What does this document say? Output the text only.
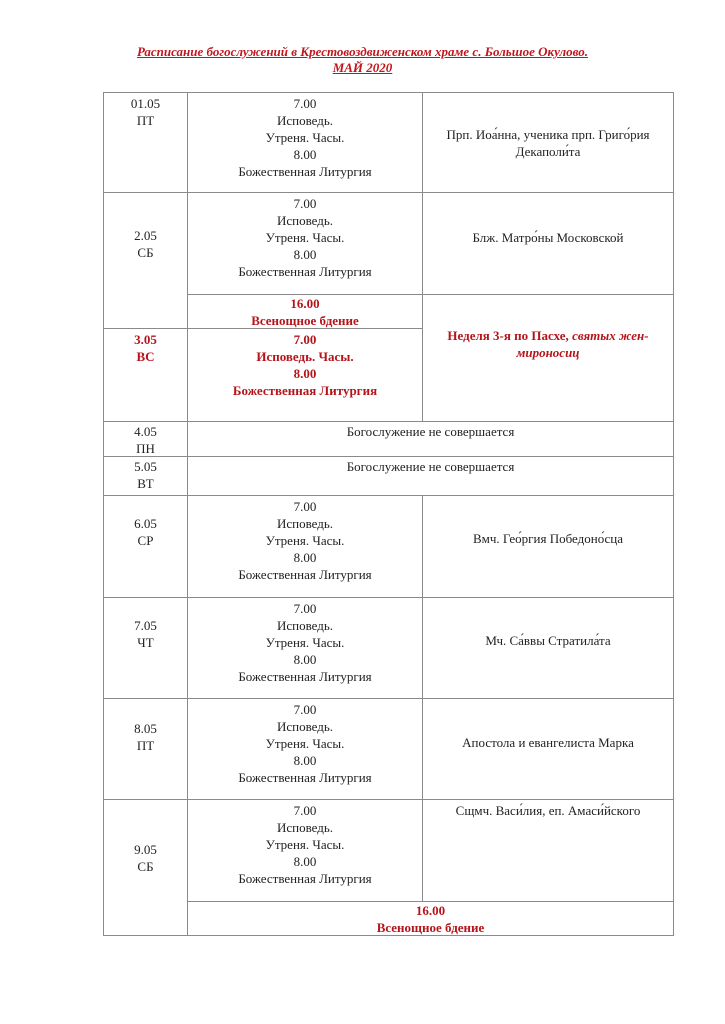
Расписание богослужений в Крестовоздвиженском храме с. Большое Окулово.
МАЙ 2020
01.05
ПТ
7.00
Исповедь.
Утреня. Часы.
8.00
Божественная Литургия
Прп. Иоа́нна, ученика прп. Григо́рия Декаполи́та
2.05
СБ
7.00
Исповедь.
Утреня. Часы.
8.00
Божественная Литургия
Блж. Матро́ны Московской
16.00
Всенощное бдение
3.05
ВС
7.00
Исповедь. Часы.
8.00
Божественная Литургия
Неделя 3-я по Пасхе, святых жен-мироносиц
4.05
ПН
Богослужение не совершается
5.05
ВТ
Богослужение не совершается
6.05
СР
7.00
Исповедь.
Утреня. Часы.
8.00
Божественная Литургия
Вмч. Гео́ргия Победоно́сца
7.05
ЧТ
7.00
Исповедь.
Утреня. Часы.
8.00
Божественная Литургия
Мч. Са́ввы Стратила́та
8.05
ПТ
7.00
Исповедь.
Утреня. Часы.
8.00
Божественная Литургия
Апостола и евангелиста Марка
9.05
СБ
7.00
Исповедь.
Утреня. Часы.
8.00
Божественная Литургия
Сщмч. Васи́лия, еп. Амаси́йского
16.00
Всенощное бдение
